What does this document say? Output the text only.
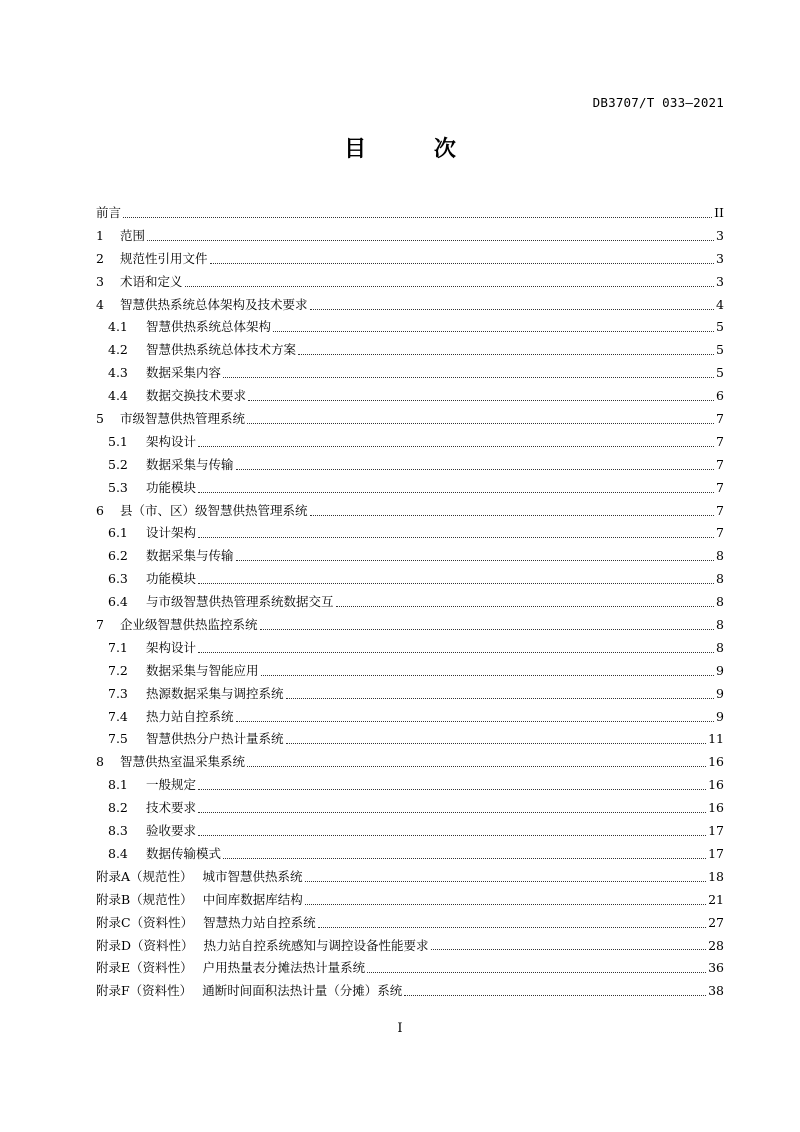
DB3707/T 033—2021
目 次
前言	II
1	范围	3
2	规范性引用文件	3
3	术语和定义	3
4	智慧供热系统总体架构及技术要求	4
4.1	智慧供热系统总体架构	5
4.2	智慧供热系统总体技术方案	5
4.3	数据采集内容	5
4.4	数据交换技术要求	6
5	市级智慧供热管理系统	7
5.1	架构设计	7
5.2	数据采集与传输	7
5.3	功能模块	7
6	县（市、区）级智慧供热管理系统	7
6.1	设计架构	7
6.2	数据采集与传输	8
6.3	功能模块	8
6.4	与市级智慧供热管理系统数据交互	8
7	企业级智慧供热监控系统	8
7.1	架构设计	8
7.2	数据采集与智能应用	9
7.3	热源数据采集与调控系统	9
7.4	热力站自控系统	9
7.5	智慧供热分户热计量系统	11
8	智慧供热室温采集系统	16
8.1	一般规定	16
8.2	技术要求	16
8.3	验收要求	17
8.4	数据传输模式	17
附录A（规范性） 城市智慧供热系统	18
附录B（规范性） 中间库数据库结构	21
附录C（资料性） 智慧热力站自控系统	27
附录D（资料性） 热力站自控系统感知与调控设备性能要求	28
附录E（资料性） 户用热量表分摊法热计量系统	36
附录F（资料性） 通断时间面积法热计量（分摊）系统	38
I
